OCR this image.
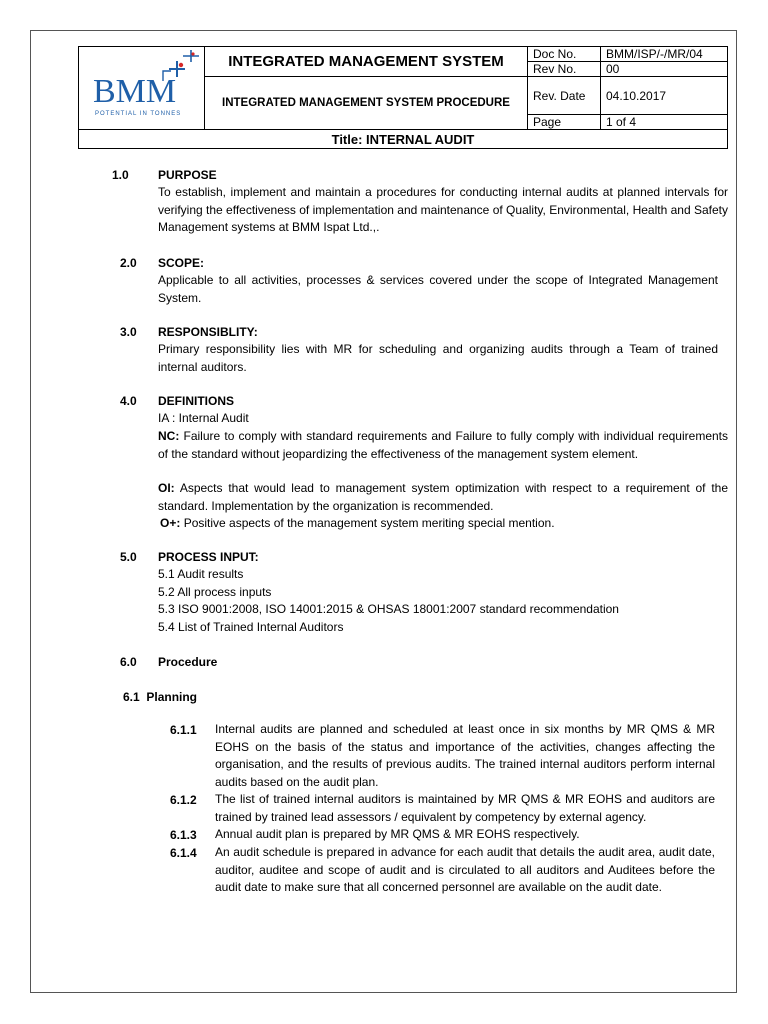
BMM
POTENTIAL IN TONNES	INTEGRATED MANAGEMENT SYSTEM	Doc No.	BMM/ISP/-/MR/04
		Rev No.	00
	INTEGRATED MANAGEMENT SYSTEM PROCEDURE	Rev. Date	04.10.2017
		Page	1 of 4
Title: INTERNAL AUDIT			
1.0 PURPOSE
To establish, implement and maintain a procedures for conducting internal audits at planned intervals for verifying the effectiveness of implementation and maintenance of Quality, Environmental, Health and Safety Management systems at BMM Ispat Ltd.,.
2.0 SCOPE:
Applicable to all activities, processes & services covered under the scope of Integrated Management System.
3.0 RESPONSIBLITY:
Primary responsibility lies with MR for scheduling and organizing audits through a Team of trained internal auditors.
4.0 DEFINITIONS
IA : Internal Audit
NC: Failure to comply with standard requirements and Failure to fully comply with individual requirements of the standard without jeopardizing the effectiveness of the management system element.
OI: Aspects that would lead to management system optimization with respect to a requirement of the standard. Implementation by the organization is recommended.
O+: Positive aspects of the management system meriting special mention.
5.0 PROCESS INPUT:
5.1 Audit results
5.2 All process inputs
5.3 ISO 9001:2008, ISO 14001:2015 & OHSAS 18001:2007 standard recommendation
5.4 List of Trained Internal Auditors
6.0 Procedure
6.1  Planning
6.1.1 Internal audits are planned and scheduled at least once in six months by MR QMS & MR EOHS on the basis of the status and importance of the activities, changes affecting the organisation, and the results of previous audits. The trained internal auditors perform internal audits based on the audit plan.
6.1.2 The list of trained internal auditors is maintained by MR QMS & MR EOHS and auditors are trained by trained lead assessors / equivalent by competency by external agency.
6.1.3 Annual audit plan is prepared by MR QMS & MR EOHS respectively.
6.1.4 An audit schedule is prepared in advance for each audit that details the audit area, audit date, auditor, auditee and scope of audit and is circulated to all auditors and Auditees before the audit date to make sure that all concerned personnel are available on the audit date.
